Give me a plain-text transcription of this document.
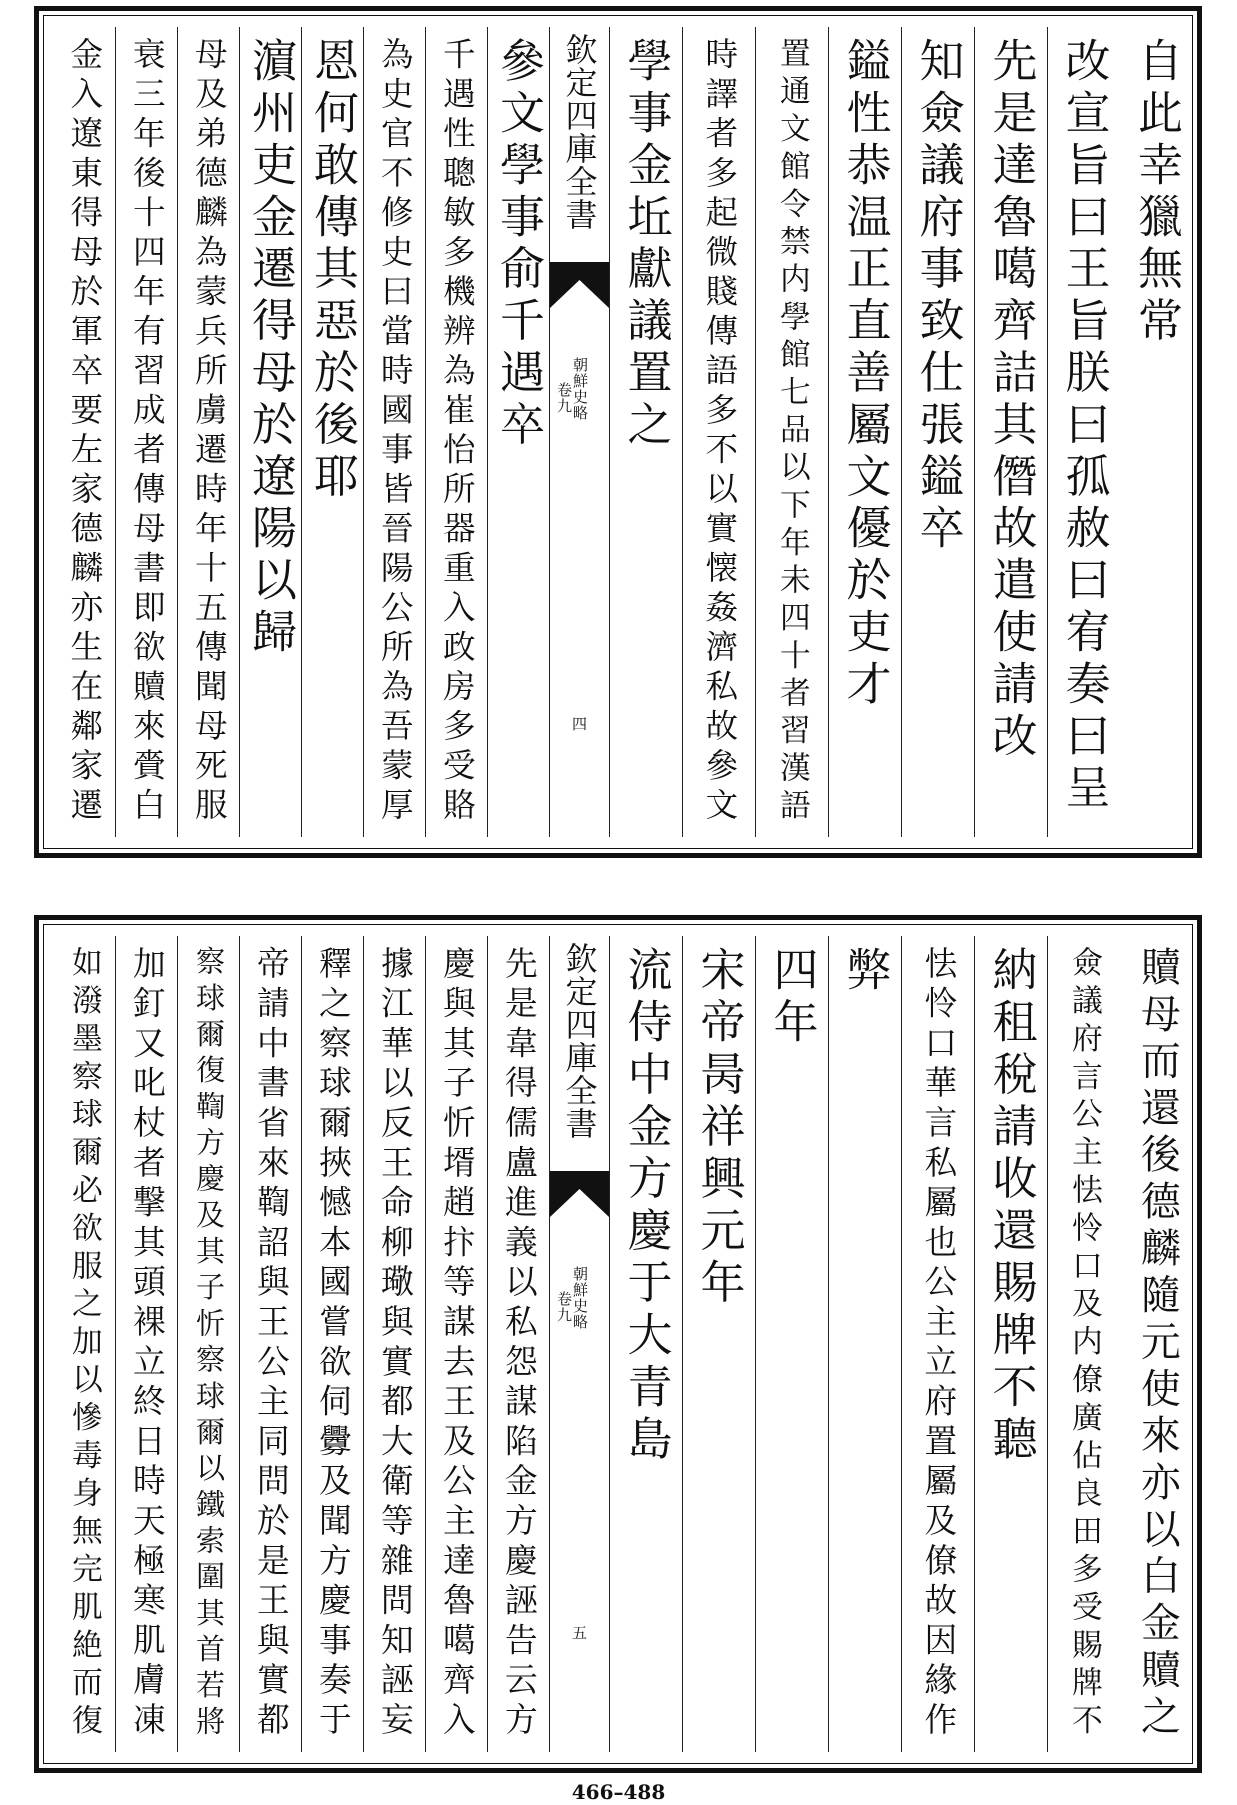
自此幸獵無常
改宣旨曰王旨朕曰孤赦曰宥奏曰呈
先是達魯噶齊詰其僭故遣使請改
知僉議府事致仕張鎰卒
鎰性恭温正直善屬文優於吏才
置通文館令禁内學館七品以下年未四十者習漢語
時譯者多起微賤傳語多不以實懐姦濟私故參文
學事金坵獻議置之
欽定四庫全書
朝鮮史略
卷九
四
參文學事俞千遇卒
千遇性聰敏多機辨為崔怡所器重入政房多受賂
為史官不修史曰當時國事皆晉陽公所為吾蒙厚
恩何敢傳其惡於後耶
濵州吏金遷得母於遼陽以歸
母及弟德麟為蒙兵所虜遷時年十五傳聞母死服
衰三年後十四年有習成者傳母書即欲贖來賫白
金入遼東得母於軍卒要左家德麟亦生在鄰家遷
贖母而還後德麟隨元使來亦以白金贖之
僉議府言公主怯怜口及内僚廣佔良田多受賜牌不
納租稅請收還賜牌不聽
怯怜口華言私屬也公主立府置屬及僚故因緣作
弊
四年
宋帝昺祥興元年
流侍中金方慶于大青島
欽定四庫全書
朝鮮史略
卷九
五
先是韋得儒盧進義以私怨謀陷金方慶誣告云方
慶與其子忻壻趙抃等謀去王及公主達魯噶齊入
據江華以反王命柳璥與實都大衛等雜問知誣妄
釋之察球爾挾憾本國嘗欲伺釁及聞方慶事奏于
帝請中書省來鞫詔與王公主同問於是王與實都
察球爾復鞫方慶及其子忻察球爾以鐵索圍其首若將
加釘又叱杖者撃其頭裸立終日時天極寒肌膚凍
如潑墨察球爾必欲服之加以慘毒身無完肌絶而復
466–488
